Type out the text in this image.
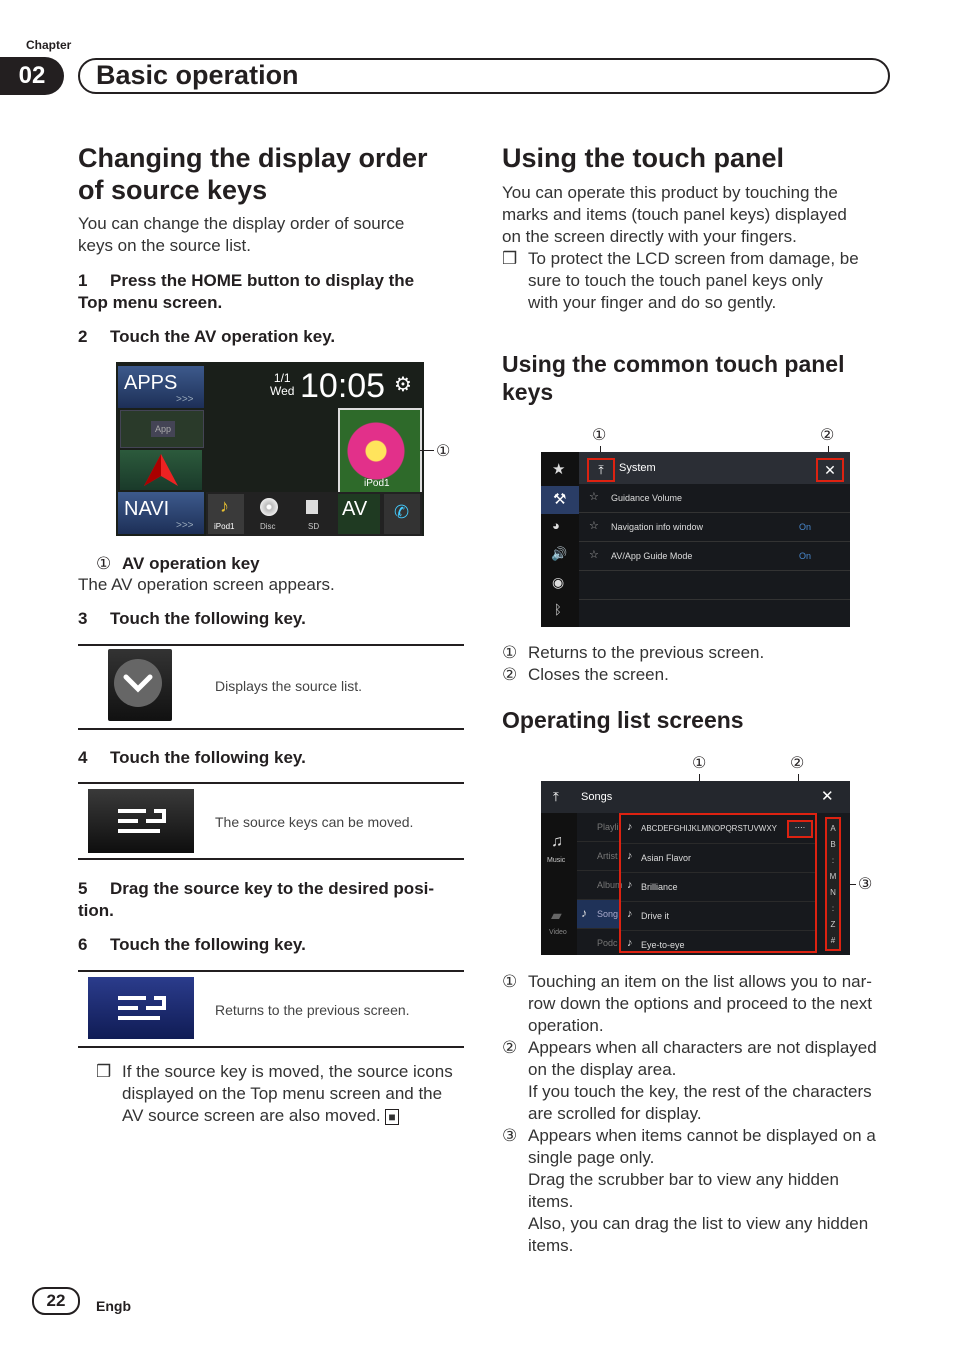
Chapter
02	Basic operation
Changing the display order
of source keys
You can change the display order of source
keys on the source list.
1 Press the HOME button to display the
Top menu screen.
2 Touch the AV operation key.
APPS
>>>
App
NAVI
>>>
1/1
Wed 10:05 ⚙
iPod1
♪
iPod1	Disc	SD
AV ✆
①
① AV operation key
The AV operation screen appears.
3 Touch the following key.
Displays the source list.
4 Touch the following key.
The source keys can be moved.
5 Drag the source key to the desired posi-
tion.
6 Touch the following key.
Returns to the previous screen.
❒ If the source key is moved, the source icons
displayed on the Top menu screen and the
AV source screen are also moved. ■
Using the touch panel
You can operate this product by touching the
marks and items (touch panel keys) displayed
on the screen directly with your fingers.
❒ To protect the LCD screen from damage, be
sure to touch the touch panel keys only
with your finger and do so gently.
Using the common touch panel
keys
①	②
★
⚒
◕
🔊
◉
ᛒ
⤒	System	✕
☆ Guidance Volume
☆ Navigation info window	On
☆ AV/App Guide Mode	On
① Returns to the previous screen.
② Closes the screen.
Operating list screens
①	②
③
⤒ Songs	✕
♫
Music
▰
Video
Playli
Artist
Album
♪ Song
Podc
♪ ABCDEFGHIJKLMNOPQRSTUVWXY	····
♪ Asian Flavor
♪ Brilliance
♪ Drive it
♪ Eye-to-eye
A
B
:
M
N
:
Z
#
① Touching an item on the list allows you to nar-
row down the options and proceed to the next
operation.
② Appears when all characters are not displayed
on the display area.
If you touch the key, the rest of the characters
are scrolled for display.
③ Appears when items cannot be displayed on a
single page only.
Drag the scrubber bar to view any hidden
items.
Also, you can drag the list to view any hidden
items.
22	Engb
